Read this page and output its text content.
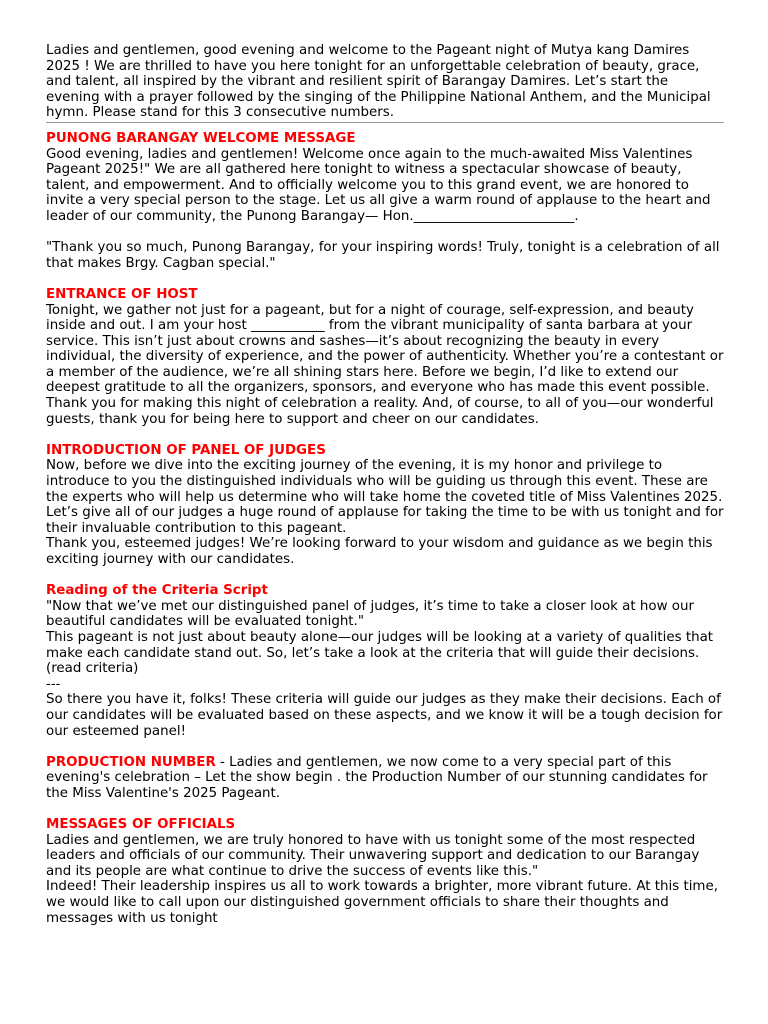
Ladies and gentlemen, good evening and welcome to the Pageant night of Mutya kang Damires 2025 ! We are thrilled to have you here tonight for an unforgettable celebration of beauty, grace, and talent, all inspired by the vibrant and resilient spirit of Barangay Damires. Let’s start the evening with a prayer followed by the singing of the Philippine National Anthem, and the Municipal hymn. Please stand for this 3 consecutive numbers.

PUNONG BARANGAY WELCOME MESSAGE

Good evening, ladies and gentlemen! Welcome once again to the much-awaited Miss Valentines Pageant 2025!" We are all gathered here tonight to witness a spectacular showcase of beauty, talent, and empowerment. And to officially welcome you to this grand event, we are honored to invite a very special person to the stage. Let us all give a warm round of applause to the heart and leader of our community, the Punong Barangay— Hon.________________________.

"Thank you so much, Punong Barangay, for your inspiring words! Truly, tonight is a celebration of all that makes Brgy. Cagban special."

ENTRANCE OF HOST

Tonight, we gather not just for a pageant, but for a night of courage, self-expression, and beauty inside and out. I am your host ___________ from the vibrant municipality of santa barbara at your service. This isn’t just about crowns and sashes—it’s about recognizing the beauty in every individual, the diversity of experience, and the power of authenticity. Whether you’re a contestant or a member of the audience, we’re all shining stars here. Before we begin, I’d like to extend our deepest gratitude to all the organizers, sponsors, and everyone who has made this event possible. Thank you for making this night of celebration a reality. And, of course, to all of you—our wonderful guests, thank you for being here to support and cheer on our candidates.

INTRODUCTION OF PANEL OF JUDGES

Now, before we dive into the exciting journey of the evening, it is my honor and privilege to introduce to you the distinguished individuals who will be guiding us through this event. These are the experts who will help us determine who will take home the coveted title of Miss Valentines 2025.

Let’s give all of our judges a huge round of applause for taking the time to be with us tonight and for their invaluable contribution to this pageant.

Thank you, esteemed judges! We’re looking forward to your wisdom and guidance as we begin this exciting journey with our candidates.

Reading of the Criteria Script

"Now that we’ve met our distinguished panel of judges, it’s time to take a closer look at how our beautiful candidates will be evaluated tonight."

This pageant is not just about beauty alone—our judges will be looking at a variety of qualities that make each candidate stand out. So, let’s take a look at the criteria that will guide their decisions. (read criteria)

---

So there you have it, folks! These criteria will guide our judges as they make their decisions. Each of our candidates will be evaluated based on these aspects, and we know it will be a tough decision for our esteemed panel!

PRODUCTION NUMBER - Ladies and gentlemen, we now come to a very special part of this evening's celebration – Let the show begin . the Production Number of our stunning candidates for the Miss Valentine's 2025 Pageant.

MESSAGES OF OFFICIALS

Ladies and gentlemen, we are truly honored to have with us tonight some of the most respected leaders and officials of our community. Their unwavering support and dedication to our Barangay and its people are what continue to drive the success of events like this."

Indeed! Their leadership inspires us all to work towards a brighter, more vibrant future. At this time, we would like to call upon our distinguished government officials to share their thoughts and messages with us tonight
